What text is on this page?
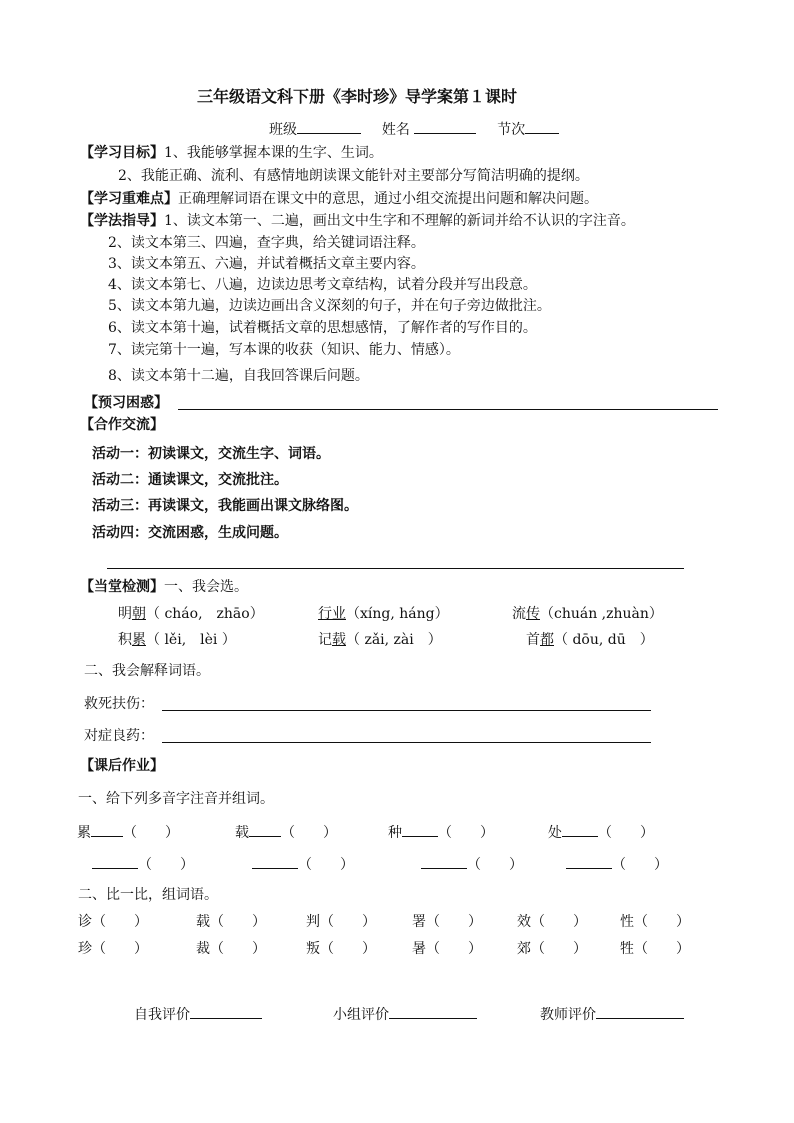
三年级语文科下册《李时珍》导学案第１课时
班级	姓名	节次
【学习目标】1、我能够掌握本课的生字、生词。
2、我能正确、流利、有感情地朗读课文能针对主要部分写简洁明确的提纲。
【学习重难点】正确理解词语在课文中的意思，通过小组交流提出问题和解决问题。
【学法指导】1、读文本第一、二遍，画出文中生字和不理解的新词并给不认识的字注音。
2、读文本第三、四遍，查字典，给关键词语注释。
3、读文本第五、六遍，并试着概括文章主要内容。
4、读文本第七、八遍，边读边思考文章结构，试着分段并写出段意。
5、读文本第九遍，边读边画出含义深刻的句子，并在句子旁边做批注。
6、读文本第十遍，试着概括文章的思想感情，了解作者的写作目的。
7、读完第十一遍，写本课的收获（知识、能力、情感）。
8、读文本第十二遍，自我回答课后问题。
【预习困惑】
【合作交流】
活动一：初读课文，交流生字、词语。
活动二：通读课文，交流批注。
活动三：再读课文，我能画出课文脉络图。
活动四：交流困惑，生成问题。
【当堂检测】一、我会选。
明朝（ cháo,　zhāo）	行业（xíng, háng）	流传（chuán ,zhuàn）
积累（ lěi,　lèi ）	记载（ zǎi, zài　）	首都（ dōu, dū　）
二、我会解释词语。
救死扶伤：
对症良药：
【课后作业】
一、给下列多音字注音并组词。
累 （　　）	载 （　　）	种	（　　）	处	（　　）
（　　）	（　　）	（　　）	（　　）
二、比一比，组词语。
诊（　　）	载（　　）	判（　　）	署（　　）	效（　　） 性（　　）
珍（　　）	裁（　　）	叛（　　）	暑（　　）	郊（　　） 牲（　　）
自我评价	小组评价	教师评价
